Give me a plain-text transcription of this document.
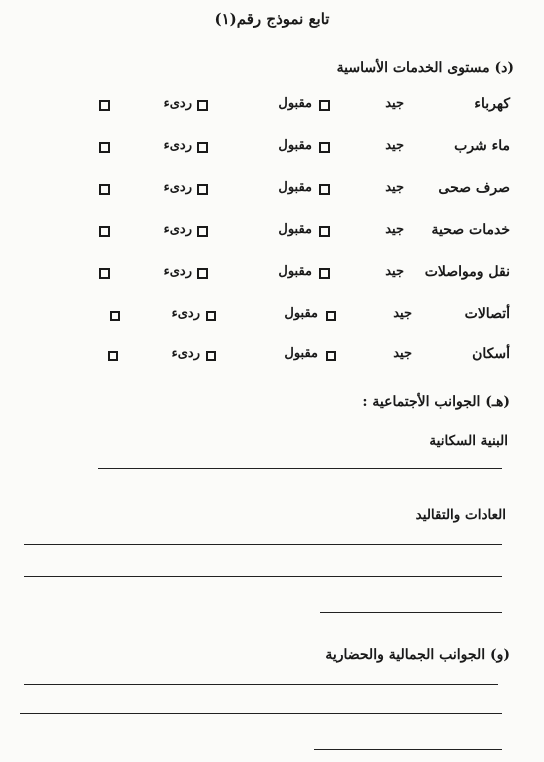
تابع نموذج رقم(١)
(د) مستوى الخدمات الأساسية
كهرباء
جيد
مقبول
ردىء
ماء شرب
جيد
مقبول
ردىء
صرف صحى
جيد
مقبول
ردىء
خدمات صحية
جيد
مقبول
ردىء
نقل ومواصلات
جيد
مقبول
ردىء
أتصالات
جيد
مقبول
ردىء
أسكان
جيد
مقبول
ردىء
(هـ) الجوانب الأجتماعية :
البنية السكانية
العادات والتقاليد
(و) الجوانب الجمالية والحضارية
